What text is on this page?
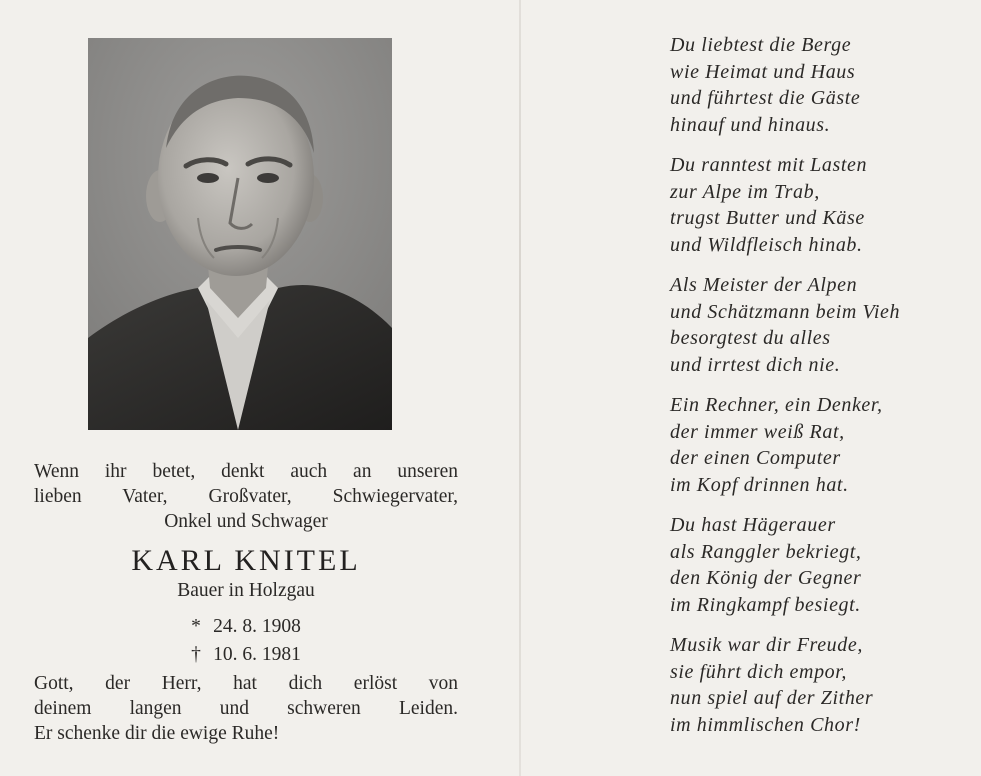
Wenn ihr betet, denkt auch an unseren
lieben Vater, Großvater, Schwiegervater,
Onkel und Schwager
KARL KNITEL
Bauer in Holzgau
* 24. 8. 1908
† 10. 6. 1981
Gott, der Herr, hat dich erlöst von
deinem langen und schweren Leiden.
Er schenke dir die ewige Ruhe!
Du liebtest die Berge
wie Heimat und Haus
und führtest die Gäste
hinauf und hinaus.
Du ranntest mit Lasten
zur Alpe im Trab,
trugst Butter und Käse
und Wildfleisch hinab.
Als Meister der Alpen
und Schätzmann beim Vieh
besorgtest du alles
und irrtest dich nie.
Ein Rechner, ein Denker,
der immer weiß Rat,
der einen Computer
im Kopf drinnen hat.
Du hast Hägerauer
als Ranggler bekriegt,
den König der Gegner
im Ringkampf besiegt.
Musik war dir Freude,
sie führt dich empor,
nun spiel auf der Zither
im himmlischen Chor!
